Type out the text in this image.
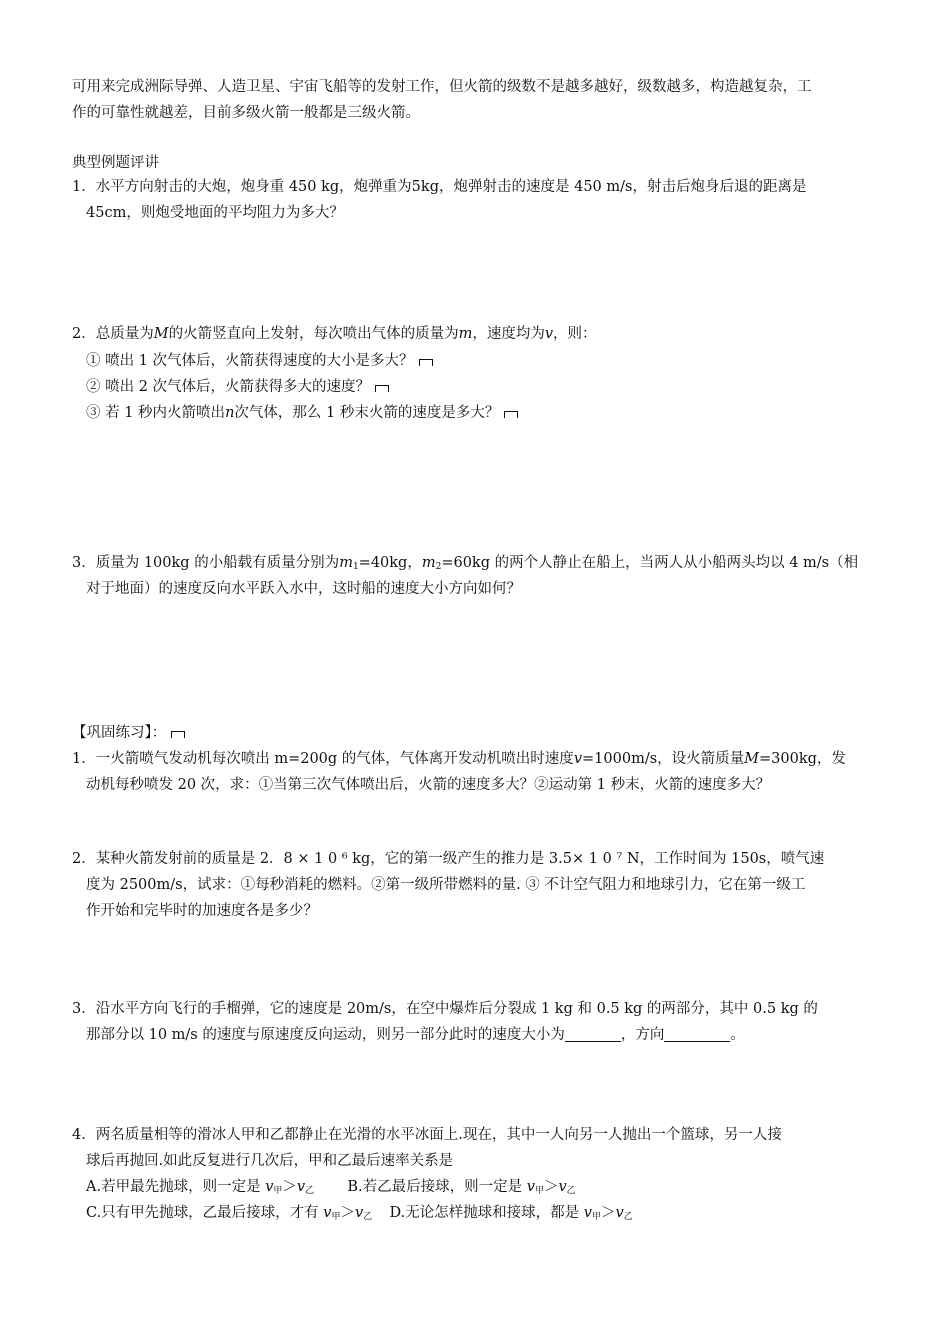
可用来完成洲际导弹、人造卫星、宇宙飞船等的发射工作，但火箭的级数不是越多越好，级数越多，构造越复杂，工
作的可靠性就越差，目前多级火箭一般都是三级火箭。
典型例题评讲
1．水平方向射击的大炮，炮身重 450 kg，炮弹重为5kg，炮弹射击的速度是 450 m/s，射击后炮身后退的距离是
45cm，则炮受地面的平均阻力为多大？
2．总质量为M的火箭竖直向上发射，每次喷出气体的质量为m，速度均为v，则：
① 喷出 1 次气体后，火箭获得速度的大小是多大？
② 喷出 2 次气体后，火箭获得多大的速度？
③ 若 1 秒内火箭喷出n次气体，那么 1 秒末火箭的速度是多大？
3．质量为 100kg 的小船载有质量分别为$m_1=40kg$，$m_2=60kg$ 的两个人静止在船上，当两人从小船两头均以 4 m/s（相
对于地面）的速度反向水平跃入水中，这时船的速度大小方向如何？
【巩固练习】：
1．一火箭喷气发动机每次喷出 m=200g 的气体，气体离开发动机喷出时速度v=1000m/s，设火箭质量M=300kg，发
动机每秒喷发 20 次，求：①当第三次气体喷出后，火箭的速度多大？②运动第 1 秒末，火箭的速度多大？
2．某种火箭发射前的质量是 2．8 × 1 0 ⁶ kg，它的第一级产生的推力是 3.5× 1 0 ⁷ N，工作时间为 150s，喷气速
度为 2500m/s，试求：①每秒消耗的燃料。②第一级所带燃料的量. ③ 不计空气阻力和地球引力，它在第一级工
作开始和完毕时的加速度各是多少？
3．沿水平方向飞行的手榴弹，它的速度是 20m/s，在空中爆炸后分裂成 1 kg 和 0.5 kg 的两部分，其中 0.5 kg 的
那部分以 10 m/s 的速度与原速度反向运动，则另一部分此时的速度大小为	，方向	。
4．两名质量相等的滑冰人甲和乙都静止在光滑的水平冰面上.现在，其中一人向另一人抛出一个篮球，另一人接
球后再抛回.如此反复进行几次后，甲和乙最后速率关系是
A.若甲最先抛球，则一定是 $v_甲>v_乙$ B.若乙最后接球，则一定是 $v_甲>v_乙$
C.只有甲先抛球，乙最后接球，才有 $v_甲>v_乙$ D.无论怎样抛球和接球，都是 $v_甲>v_乙$
